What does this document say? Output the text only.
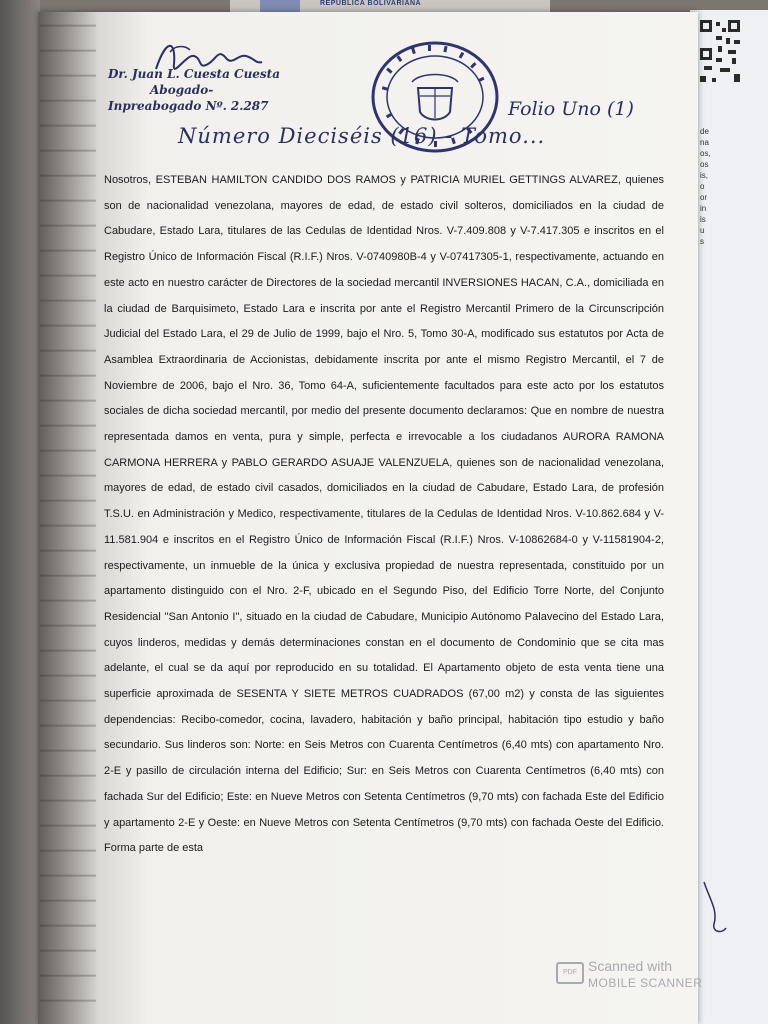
REPUBLICA BOLIVARIANA
de
na
os,
os
is,
o
or
in
is
u
s
Dr. Juan L. Cuesta Cuesta
Abogado-
Inpreabogado Nº. 2.287
Número Dieciséis (16) - Tomo...
Folio Uno (1)

Nosotros, ESTEBAN HAMILTON CANDIDO DOS RAMOS y PATRICIA MURIEL GETTINGS ALVAREZ, quienes son de nacionalidad venezolana, mayores de edad, de estado civil solteros, domiciliados en la ciudad de Cabudare, Estado Lara, titulares de las Cedulas de Identidad Nros. V-7.409.808 y V-7.417.305 e inscritos en el Registro Único de Información Fiscal (R.I.F.) Nros. V-0740980B-4 y V-07417305-1, respectivamente, actuando en este acto en nuestro carácter de Directores de la sociedad mercantil INVERSIONES HACAN, C.A., domiciliada en la ciudad de Barquisimeto, Estado Lara e inscrita por ante el Registro Mercantil Primero de la Circunscripción Judicial del Estado Lara, el 29 de Julio de 1999, bajo el Nro. 5, Tomo 30-A, modificado sus estatutos por Acta de Asamblea Extraordinaria de Accionistas, debidamente inscrita por ante el mismo Registro Mercantil, el 7 de Noviembre de 2006, bajo el Nro. 36, Tomo 64-A, suficientemente facultados para este acto por los estatutos sociales de dicha sociedad mercantil, por medio del presente documento declaramos: Que en nombre de nuestra representada damos en venta, pura y simple, perfecta e irrevocable a los ciudadanos AURORA RAMONA CARMONA HERRERA y PABLO GERARDO ASUAJE VALENZUELA, quienes son de nacionalidad venezolana, mayores de edad, de estado civil casados, domiciliados en la ciudad de Cabudare, Estado Lara, de profesión T.S.U. en Administración y Medico, respectivamente, titulares de la Cedulas de Identidad Nros. V-10.862.684 y V-11.581.904 e inscritos en el Registro Único de Información Fiscal (R.I.F.) Nros. V-10862684-0 y V-11581904-2, respectivamente, un inmueble de la única y exclusiva propiedad de nuestra representada, constituido por un apartamento distinguido con el Nro. 2-F, ubicado en el Segundo Piso, del Edificio Torre Norte, del Conjunto Residencial "San Antonio I", situado en la ciudad de Cabudare, Municipio Autónomo Palavecino del Estado Lara, cuyos linderos, medidas y demás determinaciones constan en el documento de Condominio que se cita mas adelante, el cual se da aquí por reproducido en su totalidad. El Apartamento objeto de esta venta tiene una superficie aproximada de SESENTA Y SIETE METROS CUADRADOS (67,00 m2) y consta de las siguientes dependencias: Recibo-comedor, cocina, lavadero, habitación y baño principal, habitación tipo estudio y baño secundario. Sus linderos son: Norte: en Seis Metros con Cuarenta Centímetros (6,40 mts) con apartamento Nro. 2-E y pasillo de circulación interna del Edificio; Sur: en Seis Metros con Cuarenta Centímetros (6,40 mts) con fachada Sur del Edificio; Este: en Nueve Metros con Setenta Centímetros (9,70 mts) con fachada Este del Edificio y apartamento 2-E y Oeste: en Nueve Metros con Setenta Centímetros (9,70 mts) con fachada Oeste del Edificio. Forma parte de esta

PDF Scanned with
MOBILE SCANNER
